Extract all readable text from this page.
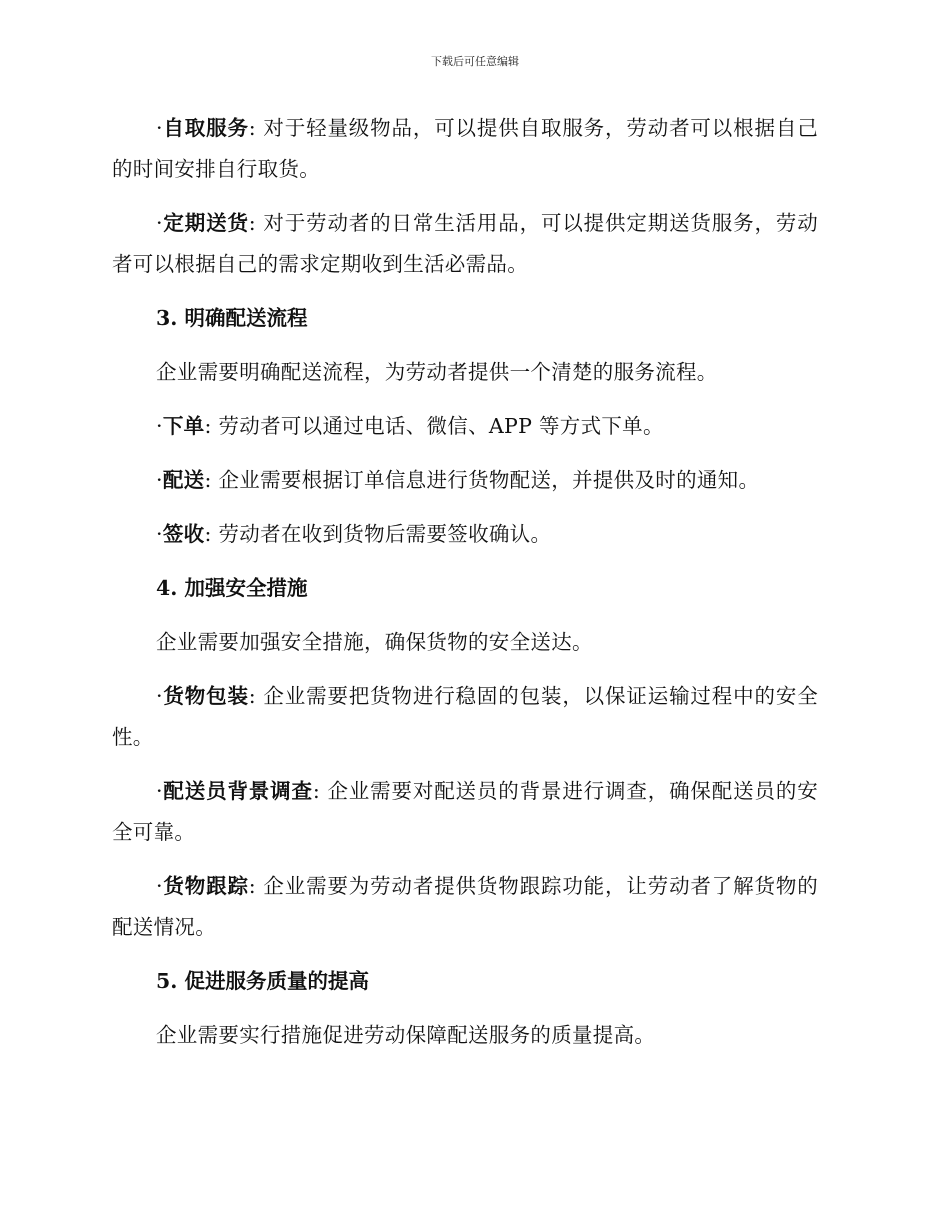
下载后可任意编辑

·自取服务: 对于轻量级物品，可以提供自取服务，劳动者可以根据自己的时间安排自行取货。

·定期送货: 对于劳动者的日常生活用品，可以提供定期送货服务，劳动者可以根据自己的需求定期收到生活必需品。

3. 明确配送流程

企业需要明确配送流程，为劳动者提供一个清楚的服务流程。

·下单: 劳动者可以通过电话、微信、APP 等方式下单。

·配送: 企业需要根据订单信息进行货物配送，并提供及时的通知。

·签收: 劳动者在收到货物后需要签收确认。

4. 加强安全措施

企业需要加强安全措施，确保货物的安全送达。

·货物包装: 企业需要把货物进行稳固的包装，以保证运输过程中的安全性。

·配送员背景调查: 企业需要对配送员的背景进行调查，确保配送员的安全可靠。

·货物跟踪: 企业需要为劳动者提供货物跟踪功能，让劳动者了解货物的配送情况。

5. 促进服务质量的提高

企业需要实行措施促进劳动保障配送服务的质量提高。
